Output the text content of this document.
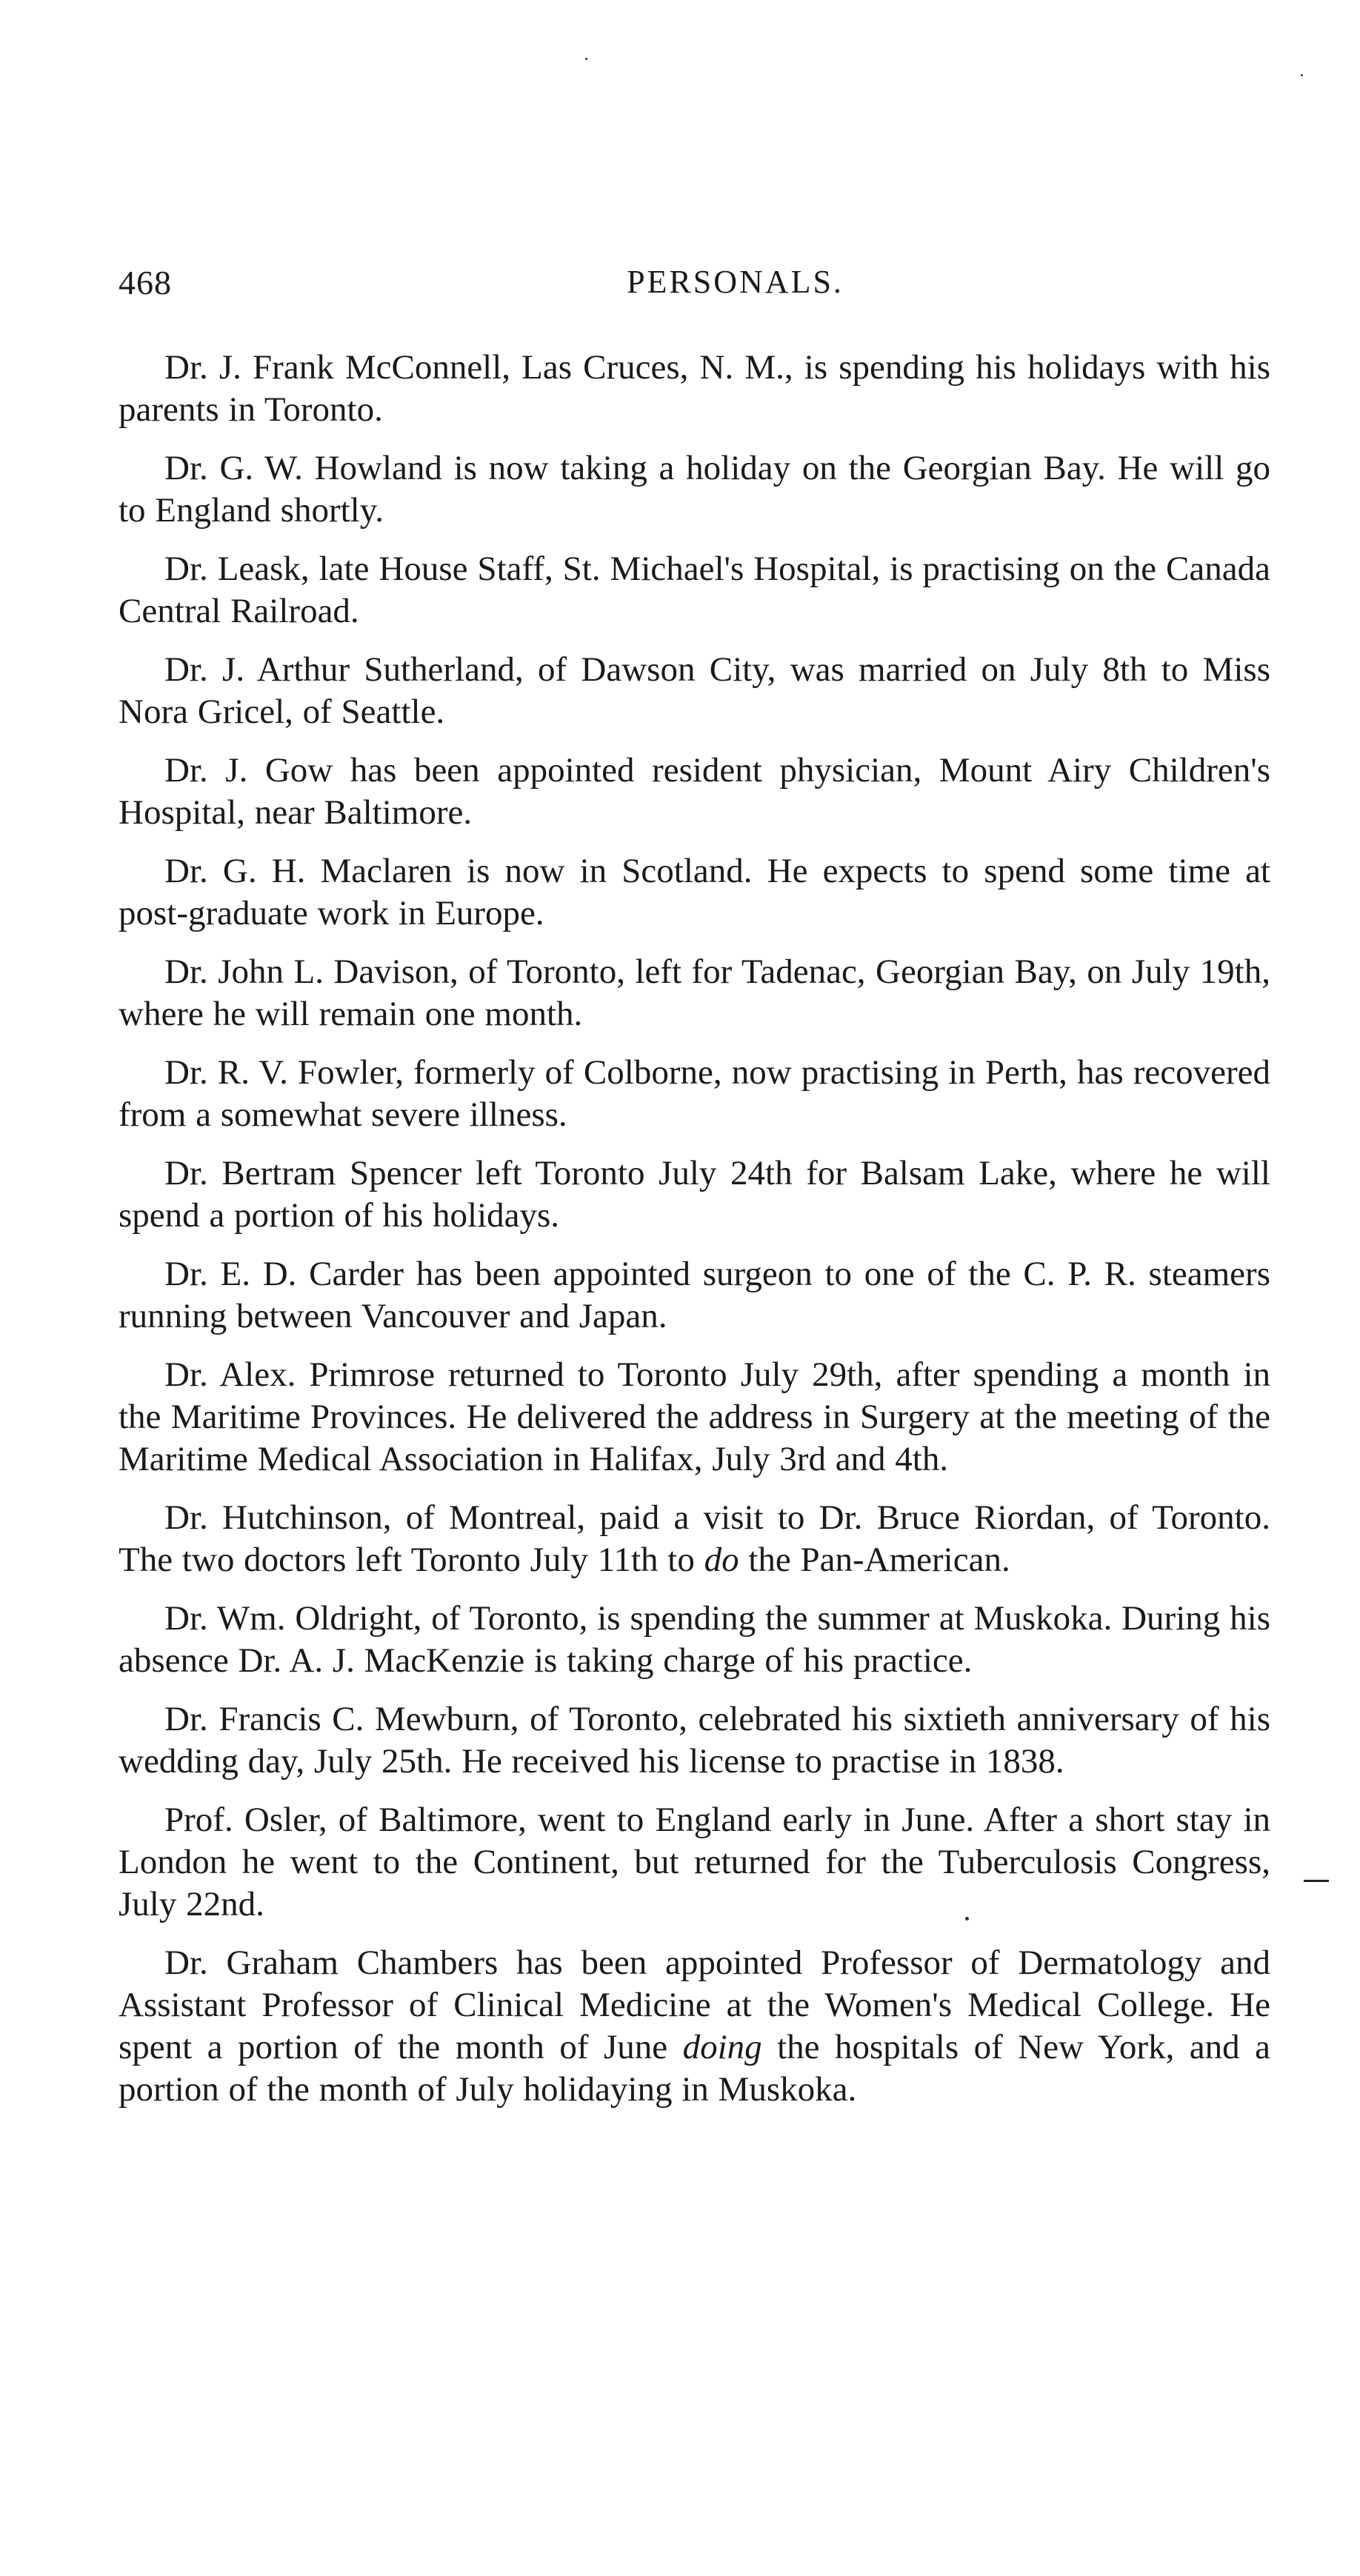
468	PERSONALS.

Dr. J. Frank McConnell, Las Cruces, N. M., is spending his holidays with his parents in Toronto.

Dr. G. W. Howland is now taking a holiday on the Georgian Bay. He will go to England shortly.

Dr. Leask, late House Staff, St. Michael's Hospital, is practising on the Canada Central Railroad.

Dr. J. Arthur Sutherland, of Dawson City, was married on July 8th to Miss Nora Gricel, of Seattle.

Dr. J. Gow has been appointed resident physician, Mount Airy Children's Hospital, near Baltimore.

Dr. G. H. Maclaren is now in Scotland. He expects to spend some time at post-graduate work in Europe.

Dr. John L. Davison, of Toronto, left for Tadenac, Georgian Bay, on July 19th, where he will remain one month.

Dr. R. V. Fowler, formerly of Colborne, now practising in Perth, has recovered from a somewhat severe illness.

Dr. Bertram Spencer left Toronto July 24th for Balsam Lake, where he will spend a portion of his holidays.

Dr. E. D. Carder has been appointed surgeon to one of the C. P. R. steamers running between Vancouver and Japan.

Dr. Alex. Primrose returned to Toronto July 29th, after spending a month in the Maritime Provinces. He delivered the address in Surgery at the meeting of the Maritime Medical Association in Halifax, July 3rd and 4th.

Dr. Hutchinson, of Montreal, paid a visit to Dr. Bruce Riordan, of Toronto. The two doctors left Toronto July 11th to do the Pan-American.

Dr. Wm. Oldright, of Toronto, is spending the summer at Muskoka. During his absence Dr. A. J. MacKenzie is taking charge of his practice.

Dr. Francis C. Mewburn, of Toronto, celebrated his sixtieth anniversary of his wedding day, July 25th. He received his license to practise in 1838.

Prof. Osler, of Baltimore, went to England early in June. After a short stay in London he went to the Continent, but returned for the Tuberculosis Congress, July 22nd.

Dr. Graham Chambers has been appointed Professor of Dermatology and Assistant Professor of Clinical Medicine at the Women's Medical College. He spent a portion of the month of June doing the hospitals of New York, and a portion of the month of July holidaying in Muskoka.
